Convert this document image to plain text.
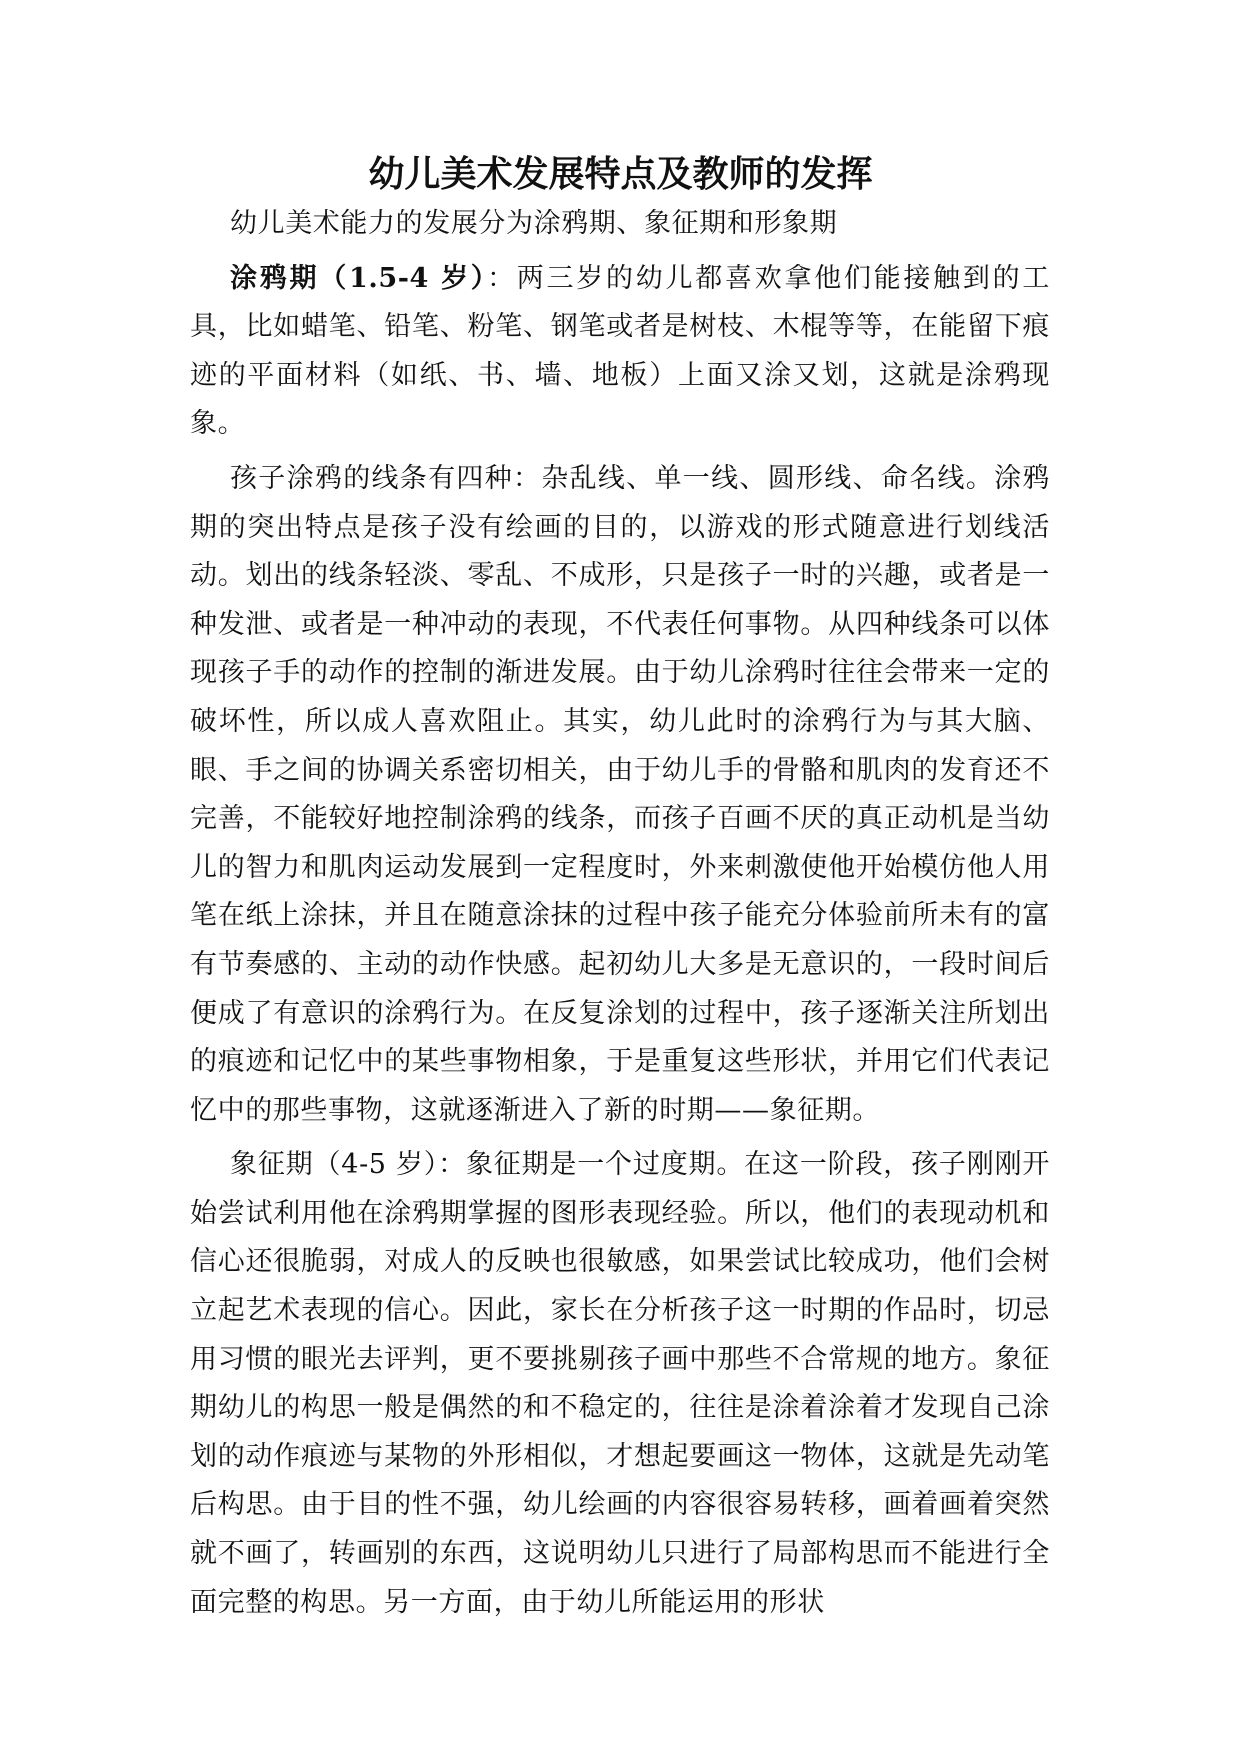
幼儿美术发展特点及教师的发挥

幼儿美术能力的发展分为涂鸦期、象征期和形象期

涂鸦期（1.5-4 岁）：两三岁的幼儿都喜欢拿他们能接触到的工具，比如蜡笔、铅笔、粉笔、钢笔或者是树枝、木棍等等，在能留下痕迹的平面材料（如纸、书、墙、地板）上面又涂又划，这就是涂鸦现象。

孩子涂鸦的线条有四种：杂乱线、单一线、圆形线、命名线。涂鸦期的突出特点是孩子没有绘画的目的，以游戏的形式随意进行划线活动。划出的线条轻淡、零乱、不成形，只是孩子一时的兴趣，或者是一种发泄、或者是一种冲动的表现，不代表任何事物。从四种线条可以体现孩子手的动作的控制的渐进发展。由于幼儿涂鸦时往往会带来一定的破坏性，所以成人喜欢阻止。其实，幼儿此时的涂鸦行为与其大脑、眼、手之间的协调关系密切相关，由于幼儿手的骨骼和肌肉的发育还不完善，不能较好地控制涂鸦的线条，而孩子百画不厌的真正动机是当幼儿的智力和肌肉运动发展到一定程度时，外来刺激使他开始模仿他人用笔在纸上涂抹，并且在随意涂抹的过程中孩子能充分体验前所未有的富有节奏感的、主动的动作快感。起初幼儿大多是无意识的，一段时间后便成了有意识的涂鸦行为。在反复涂划的过程中，孩子逐渐关注所划出的痕迹和记忆中的某些事物相象，于是重复这些形状，并用它们代表记忆中的那些事物，这就逐渐进入了新的时期——象征期。

象征期（4-5 岁）：象征期是一个过度期。在这一阶段，孩子刚刚开始尝试利用他在涂鸦期掌握的图形表现经验。所以，他们的表现动机和信心还很脆弱，对成人的反映也很敏感，如果尝试比较成功，他们会树立起艺术表现的信心。因此，家长在分析孩子这一时期的作品时，切忌用习惯的眼光去评判，更不要挑剔孩子画中那些不合常规的地方。象征期幼儿的构思一般是偶然的和不稳定的，往往是涂着涂着才发现自己涂划的动作痕迹与某物的外形相似，才想起要画这一物体，这就是先动笔后构思。由于目的性不强，幼儿绘画的内容很容易转移，画着画着突然就不画了，转画别的东西，这说明幼儿只进行了局部构思而不能进行全面完整的构思。另一方面，由于幼儿所能运用的形状
